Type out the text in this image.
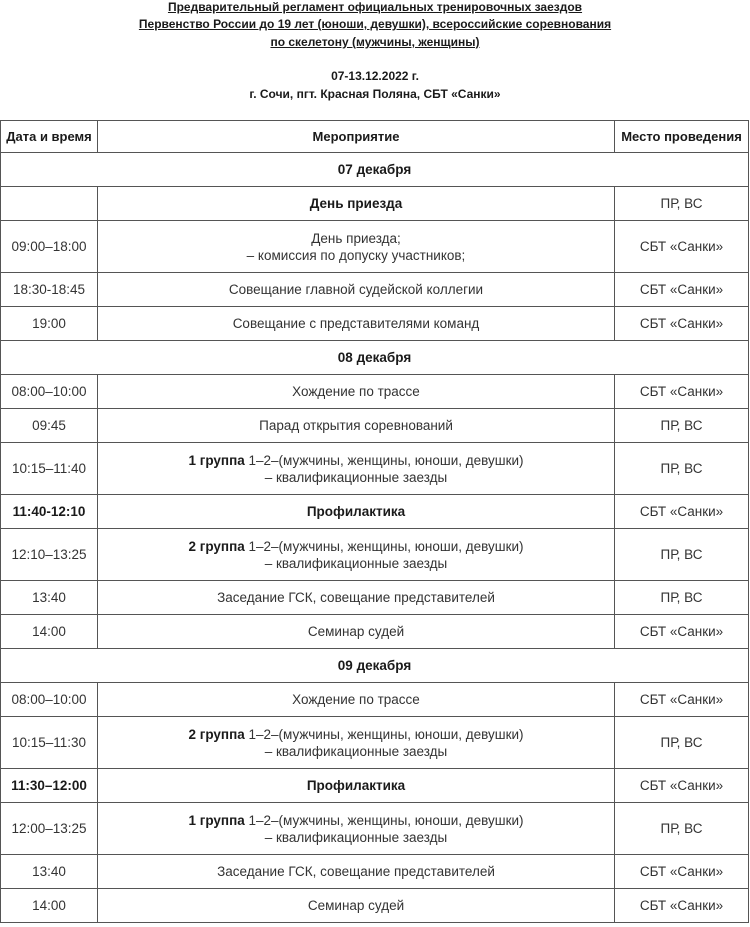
Предварительный регламент официальных тренировочных заездов
Первенство России до 19 лет (юноши, девушки), всероссийские соревнования
по скелетону (мужчины, женщины)
07-13.12.2022 г.
г. Сочи, пгт. Красная Поляна, СБТ «Санки»
Дата и время	Мероприятие	Место проведения
07 декабря		

	День приезда	ПР, ВС
09:00–18:00	День приезда;
– комиссия по допуску участников;	СБТ «Санки»
18:30-18:45	Совещание главной судейской коллегии	СБТ «Санки»
19:00	Совещание с представителями команд	СБТ «Санки»
08 декабря		
08:00–10:00	Хождение по трассе	СБТ «Санки»
09:45	Парад открытия соревнований	ПР, ВС
10:15–11:40	1 группа 1–2–(мужчины, женщины, юноши, девушки)
– квалификационные заезды	ПР, ВС
11:40-12:10	Профилактика	СБТ «Санки»
12:10–13:25	2 группа 1–2–(мужчины, женщины, юноши, девушки)
– квалификационные заезды	ПР, ВС
13:40	Заседание ГСК, совещание представителей	ПР, ВС
14:00	Семинар судей	СБТ «Санки»
09 декабря		
08:00–10:00	Хождение по трассе	СБТ «Санки»
10:15–11:30	2 группа 1–2–(мужчины, женщины, юноши, девушки)
– квалификационные заезды	ПР, ВС
11:30–12:00	Профилактика	СБТ «Санки»
12:00–13:25	1 группа 1–2–(мужчины, женщины, юноши, девушки)
– квалификационные заезды	ПР, ВС
13:40	Заседание ГСК, совещание представителей	СБТ «Санки»
14:00	Семинар судей	СБТ «Санки»
